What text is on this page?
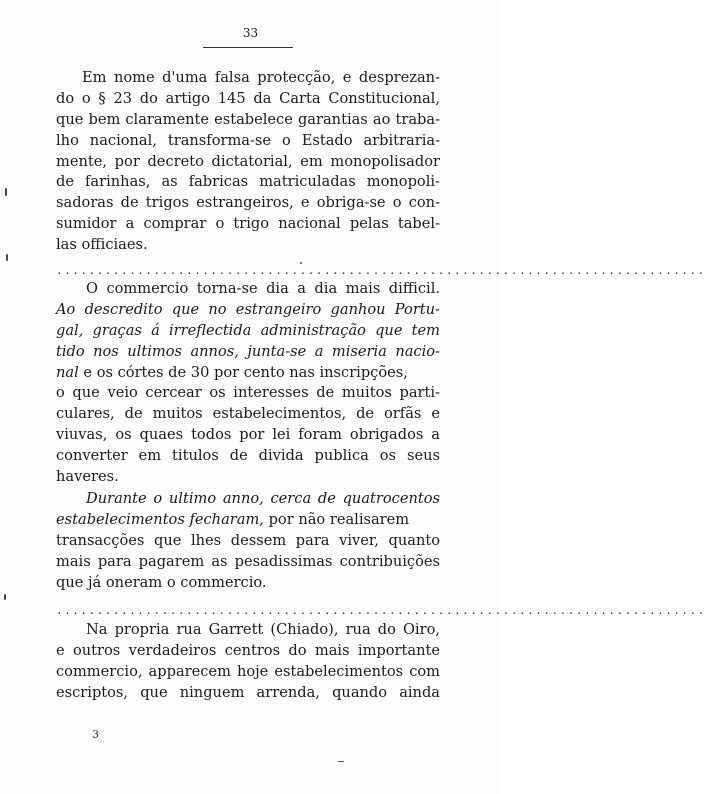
33
Em nome d'uma falsa protecção, e desprezan-
do o § 23 do artigo 145 da Carta Constitucional,
que bem claramente estabelece garantias ao traba-
lho nacional, transforma-se o Estado arbitraria-
mente, por decreto dictatorial, em monopolisador
de farinhas, as fabricas matriculadas monopoli-
sadoras de trigos estrangeiros, e obriga-se o con-
sumidor a comprar o trigo nacional pelas tabel-
las officiaes.
................................................................................
O commercio torna-se dia a dia mais difficil.
Ao descredito que no estrangeiro ganhou Portu-
gal, graças á irreflectida administração que tem
tido nos ultimos annos, junta-se a miseria nacio-
nal e os córtes de 30 por cento nas inscripções,
o que veio cercear os interesses de muitos parti-
culares, de muitos estabelecimentos, de orfãs e
viuvas, os quaes todos por lei foram obrigados a
converter em titulos de divida publica os seus
haveres.
Durante o ultimo anno, cerca de quatrocentos
estabelecimentos fecharam, por não realisarem
transacções que lhes dessem para viver, quanto
mais para pagarem as pesadissimas contribuições
que já oneram o commercio.
................................................................................
Na propria rua Garrett (Chiado), rua do Oiro,
e outros verdadeiros centros do mais importante
commercio, apparecem hoje estabelecimentos com
escriptos, que ninguem arrenda, quando ainda
3
